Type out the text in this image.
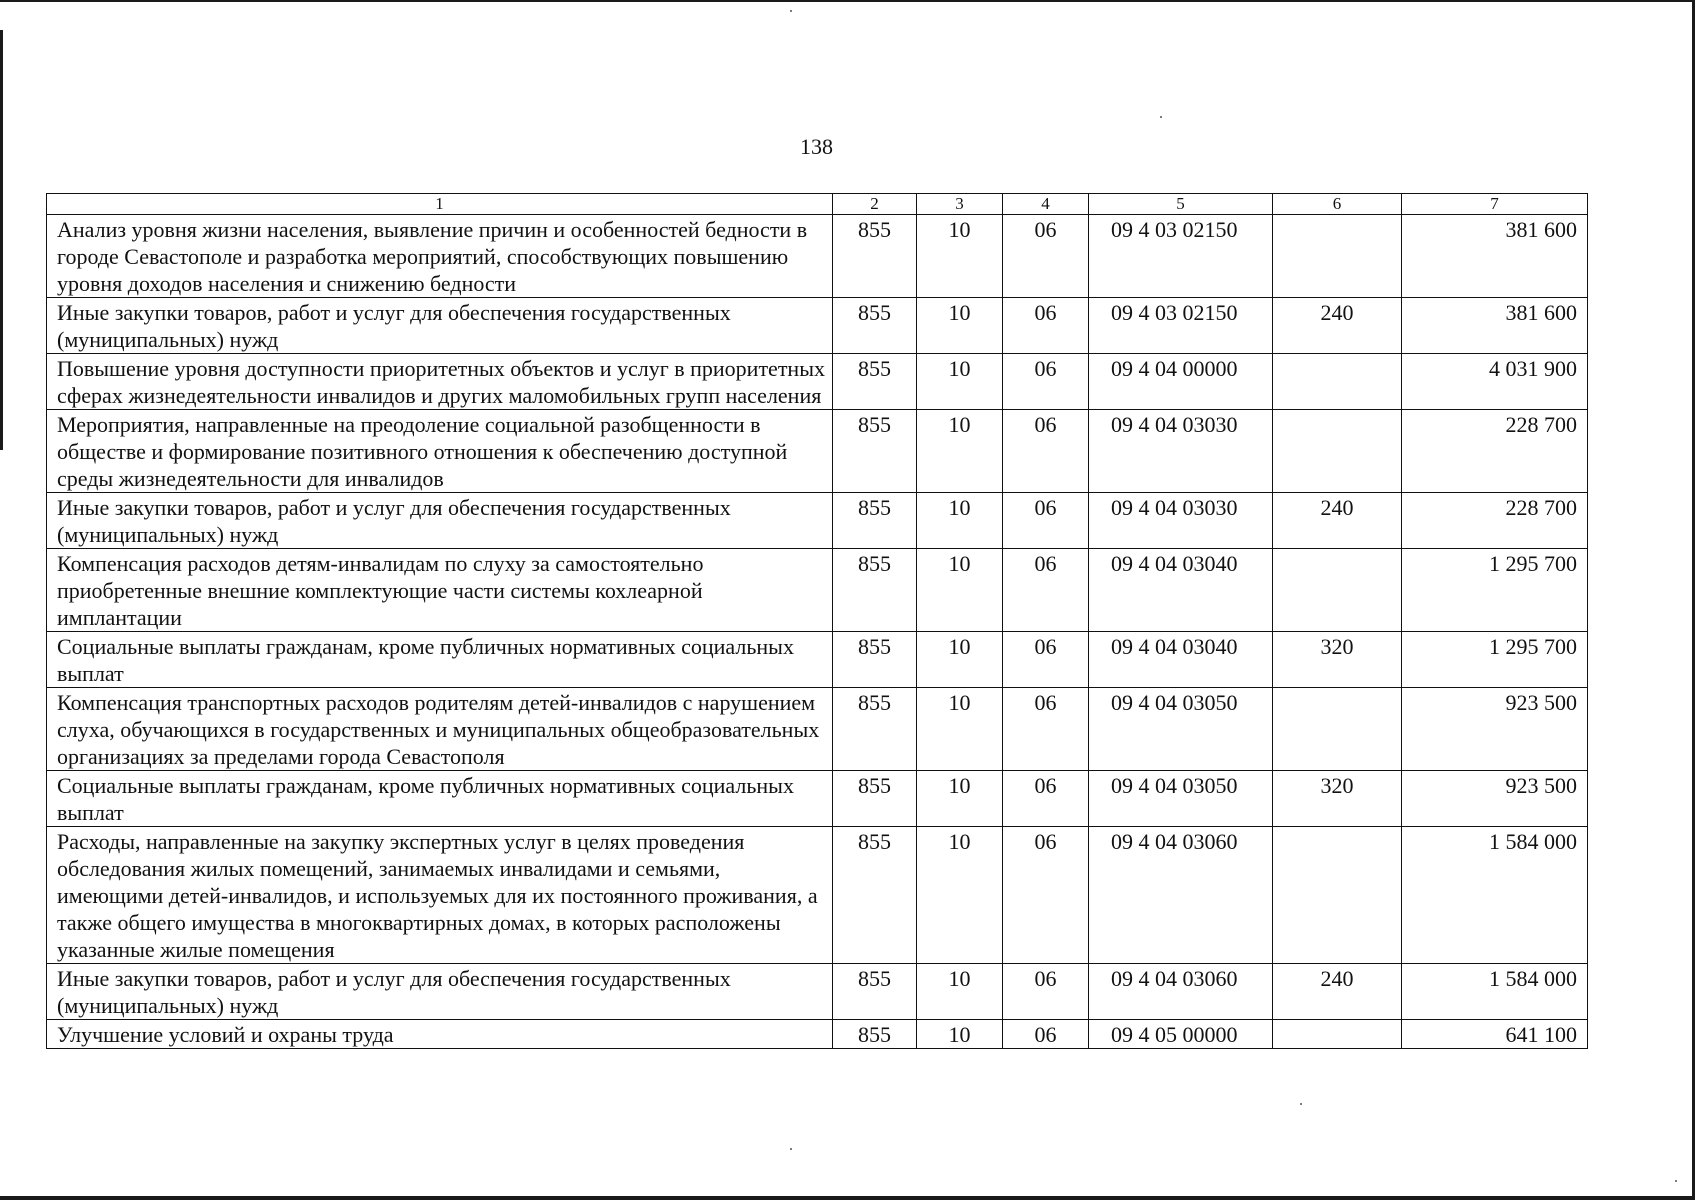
138
1	2	3	4	5	6	7
Анализ уровня жизни населения, выявление причин и особенностей бедности в городе Севастополе и разработка мероприятий, способствующих повышению уровня доходов населения и снижению бедности	855	10	06	09 4 03 02150		381 600
Иные закупки товаров, работ и услуг для обеспечения государственных (муниципальных) нужд	855	10	06	09 4 03 02150	240	381 600
Повышение уровня доступности приоритетных объектов и услуг в приоритетных сферах жизнедеятельности инвалидов и других маломобильных групп населения	855	10	06	09 4 04 00000		4 031 900
Мероприятия, направленные на преодоление социальной разобщенности в обществе и формирование позитивного отношения к обеспечению доступной среды жизнедеятельности для инвалидов	855	10	06	09 4 04 03030		228 700
Иные закупки товаров, работ и услуг для обеспечения государственных (муниципальных) нужд	855	10	06	09 4 04 03030	240	228 700
Компенсация расходов детям-инвалидам по слуху за самостоятельно приобретенные внешние комплектующие части системы кохлеарной имплантации	855	10	06	09 4 04 03040		1 295 700
Социальные выплаты гражданам, кроме публичных нормативных социальных выплат	855	10	06	09 4 04 03040	320	1 295 700
Компенсация транспортных расходов родителям детей-инвалидов с нарушением слуха, обучающихся в государственных и муниципальных общеобразовательных организациях за пределами города Севастополя	855	10	06	09 4 04 03050		923 500
Социальные выплаты гражданам, кроме публичных нормативных социальных выплат	855	10	06	09 4 04 03050	320	923 500
Расходы, направленные на закупку экспертных услуг в целях проведения обследования жилых помещений, занимаемых инвалидами и семьями, имеющими детей-инвалидов, и используемых для их постоянного проживания, а также общего имущества в многоквартирных домах, в которых расположены указанные жилые помещения	855	10	06	09 4 04 03060		1 584 000
Иные закупки товаров, работ и услуг для обеспечения государственных (муниципальных) нужд	855	10	06	09 4 04 03060	240	1 584 000
Улучшение условий и охраны труда	855	10	06	09 4 05 00000		641 100
